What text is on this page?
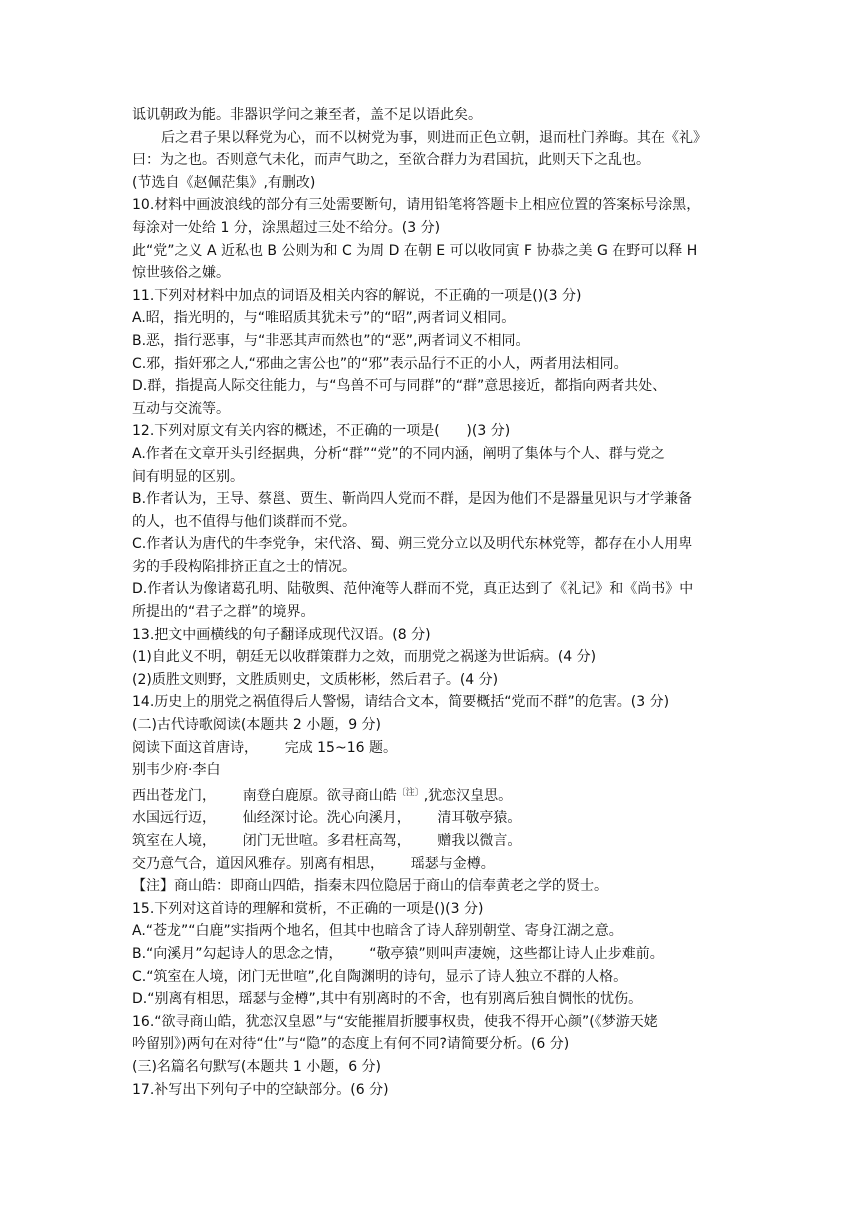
诋讥朝政为能。非器识学问之兼至者，盖不足以语此矣。
后之君子果以释党为心，而不以树党为事，则进而正色立朝，退而杜门养晦。其在《礼》
曰：为之也。否则意气未化，而声气助之，至欲合群力为君国抗，此则天下之乱也。
(节选自《赵佩茫集》,有删改)
10.材料中画波浪线的部分有三处需要断句，请用铅笔将答题卡上相应位置的答案标号涂黑，
每涂对一处给 1 分，涂黑超过三处不给分。(3 分)
此“党”之义 A 近私也 B 公则为和 C 为周 D 在朝 E 可以收同寅 F 协恭之美 G 在野可以释 H
惊世骇俗之嫌。
11.下列对材料中加点的词语及相关内容的解说，不正确的一项是()(3 分)
A.昭，指光明的，与“唯昭质其犹未亏”的“昭”,两者词义相同。
B.恶，指行恶事，与“非恶其声而然也”的“恶”,两者词义不相同。
C.邪，指奸邪之人,“邪曲之害公也”的“邪”表示品行不正的小人，两者用法相同。
D.群，指提高人际交往能力，与“鸟兽不可与同群”的“群”意思接近，都指向两者共处、
互动与交流等。
12.下列对原文有关内容的概述，不正确的一项是(      )(3 分)
A.作者在文章开头引经据典，分析“群”“党”的不同内涵，阐明了集体与个人、群与党之
间有明显的区别。
B.作者认为，王导、蔡邕、贾生、靳尚四人党而不群，是因为他们不是器量见识与才学兼备
的人，也不值得与他们谈群而不党。
C.作者认为唐代的牛李党争，宋代洛、蜀、朔三党分立以及明代东林党等，都存在小人用卑
劣的手段构陷排挤正直之士的情况。
D.作者认为像诸葛孔明、陆敬舆、范仲淹等人群而不党，真正达到了《礼记》和《尚书》中
所提出的“君子之群”的境界。
13.把文中画横线的句子翻译成现代汉语。(8 分)
(1)自此义不明，朝廷无以收群策群力之效，而朋党之祸遂为世诟病。(4 分)
(2)质胜文则野，文胜质则史，文质彬彬，然后君子。(4 分)
14.历史上的朋党之祸值得后人警惕，请结合文本，简要概括“党而不群”的危害。(3 分)
(二)古代诗歌阅读(本题共 2 小题，9 分)
阅读下面这首唐诗，      完成 15~16 题。
别韦少府·李白
西出苍龙门，      南登白鹿原。欲寻商山皓$^{〔注〕}$,犹恋汉皇思。
水国远行迈，      仙经深讨论。洗心向溪月，      清耳敬亭猿。
筑室在人境，      闭门无世喧。多君枉高驾，      赠我以微言。
交乃意气合，道因风雅存。别离有相思，      瑶瑟与金樽。
【注】商山皓：即商山四皓，指秦末四位隐居于商山的信奉黄老之学的贤士。
15.下列对这首诗的理解和赏析，不正确的一项是()(3 分)
A.“苍龙”“白鹿”实指两个地名，但其中也暗含了诗人辞别朝堂、寄身江湖之意。
B.“向溪月”勾起诗人的思念之情，      “敬亭猿”则叫声凄婉，这些都让诗人止步难前。
C.“筑室在人境，闭门无世喧”,化自陶渊明的诗句，显示了诗人独立不群的人格。
D.“别离有相思，瑶瑟与金樽”,其中有别离时的不舍，也有别离后独自惆怅的忧伤。
16.“欲寻商山皓，犹恋汉皇恩”与“安能摧眉折腰事权贵，使我不得开心颜”(《梦游天姥
吟留别》)两句在对待“仕”与“隐”的态度上有何不同?请简要分析。(6 分)
(三)名篇名句默写(本题共 1 小题，6 分)
17.补写出下列句子中的空缺部分。(6 分)
